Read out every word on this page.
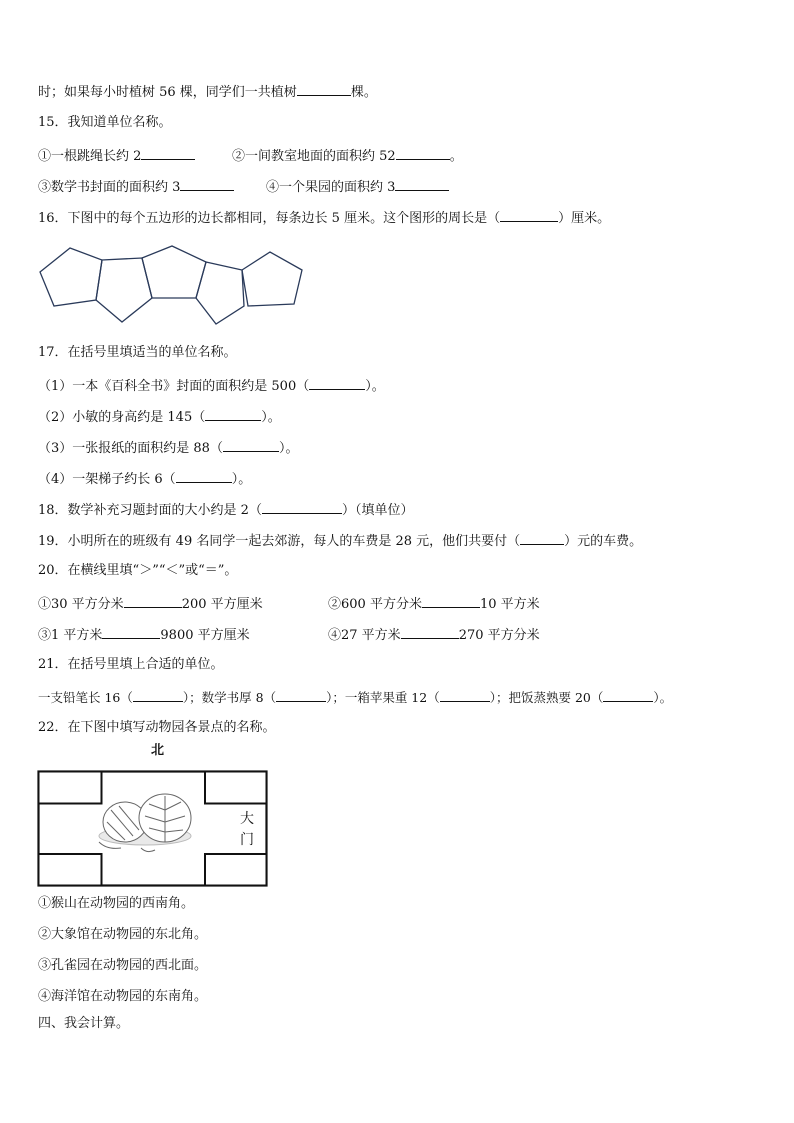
时；如果每小时植树 56 棵，同学们一共植树	棵。
15．我知道单位名称。
①一根跳绳长约 2	②一间教室地面的面积约 52	。
③数学书封面的面积约 3	④一个果园的面积约 3
16．下图中的每个五边形的边长都相同，每条边长 5 厘米。这个图形的周长是（	）厘米。
17．在括号里填适当的单位名称。
（1）一本《百科全书》封面的面积约是 500（	）。
（2）小敏的身高约是 145（	）。
（3）一张报纸的面积约是 88（	）。
（4）一架梯子约长 6（	）。
18．数学补充习题封面的大小约是 2（	）（填单位）
19．小明所在的班级有 49 名同学一起去郊游，每人的车费是 28 元，他们共要付（	）元的车费。
20．在横线里填“＞”“＜”或“＝”。
①30 平方分米	200 平方厘米	②600 平方分米	10 平方米
③1 平方米	9800 平方厘米	④27 平方米	270 平方分米
21．在括号里填上合适的单位。
一支铅笔长 16（	）；数学书厚 8（	）；一箱苹果重 12（	）；把饭蒸熟要 20（	）。
22．在下图中填写动物园各景点的名称。
北
大
门
①猴山在动物园的西南角。
②大象馆在动物园的东北角。
③孔雀园在动物园的西北面。
④海洋馆在动物园的东南角。
四、我会计算。
